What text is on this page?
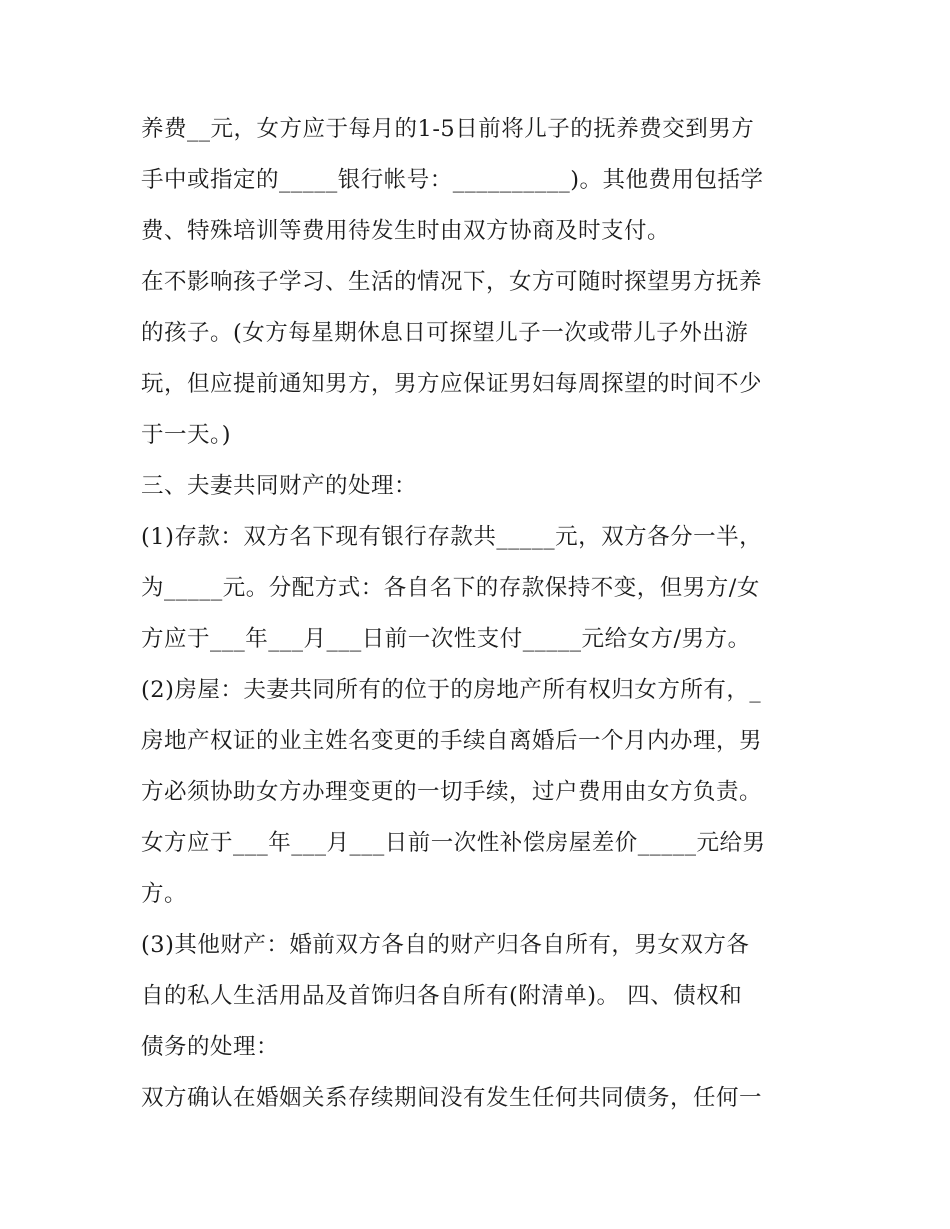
养费__元，女方应于每月的1-5日前将儿子的抚养费交到男方
手中或指定的_____银行帐号：__________)。其他费用包括学
费、特殊培训等费用待发生时由双方协商及时支付。
在不影响孩子学习、生活的情况下，女方可随时探望男方抚养
的孩子。(女方每星期休息日可探望儿子一次或带儿子外出游
玩，但应提前通知男方，男方应保证男妇每周探望的时间不少
于一天。)
三、夫妻共同财产的处理：
(1)存款：双方名下现有银行存款共_____元，双方各分一半，
为_____元。分配方式：各自名下的存款保持不变，但男方/女
方应于___年___月___日前一次性支付_____元给女方/男方。
(2)房屋：夫妻共同所有的位于的房地产所有权归女方所有，_
房地产权证的业主姓名变更的手续自离婚后一个月内办理，男
方必须协助女方办理变更的一切手续，过户费用由女方负责。
女方应于___年___月___日前一次性补偿房屋差价_____元给男
方。
(3)其他财产：婚前双方各自的财产归各自所有，男女双方各
自的私人生活用品及首饰归各自所有(附清单)。 四、债权和
债务的处理：
双方确认在婚姻关系存续期间没有发生任何共同债务，任何一
